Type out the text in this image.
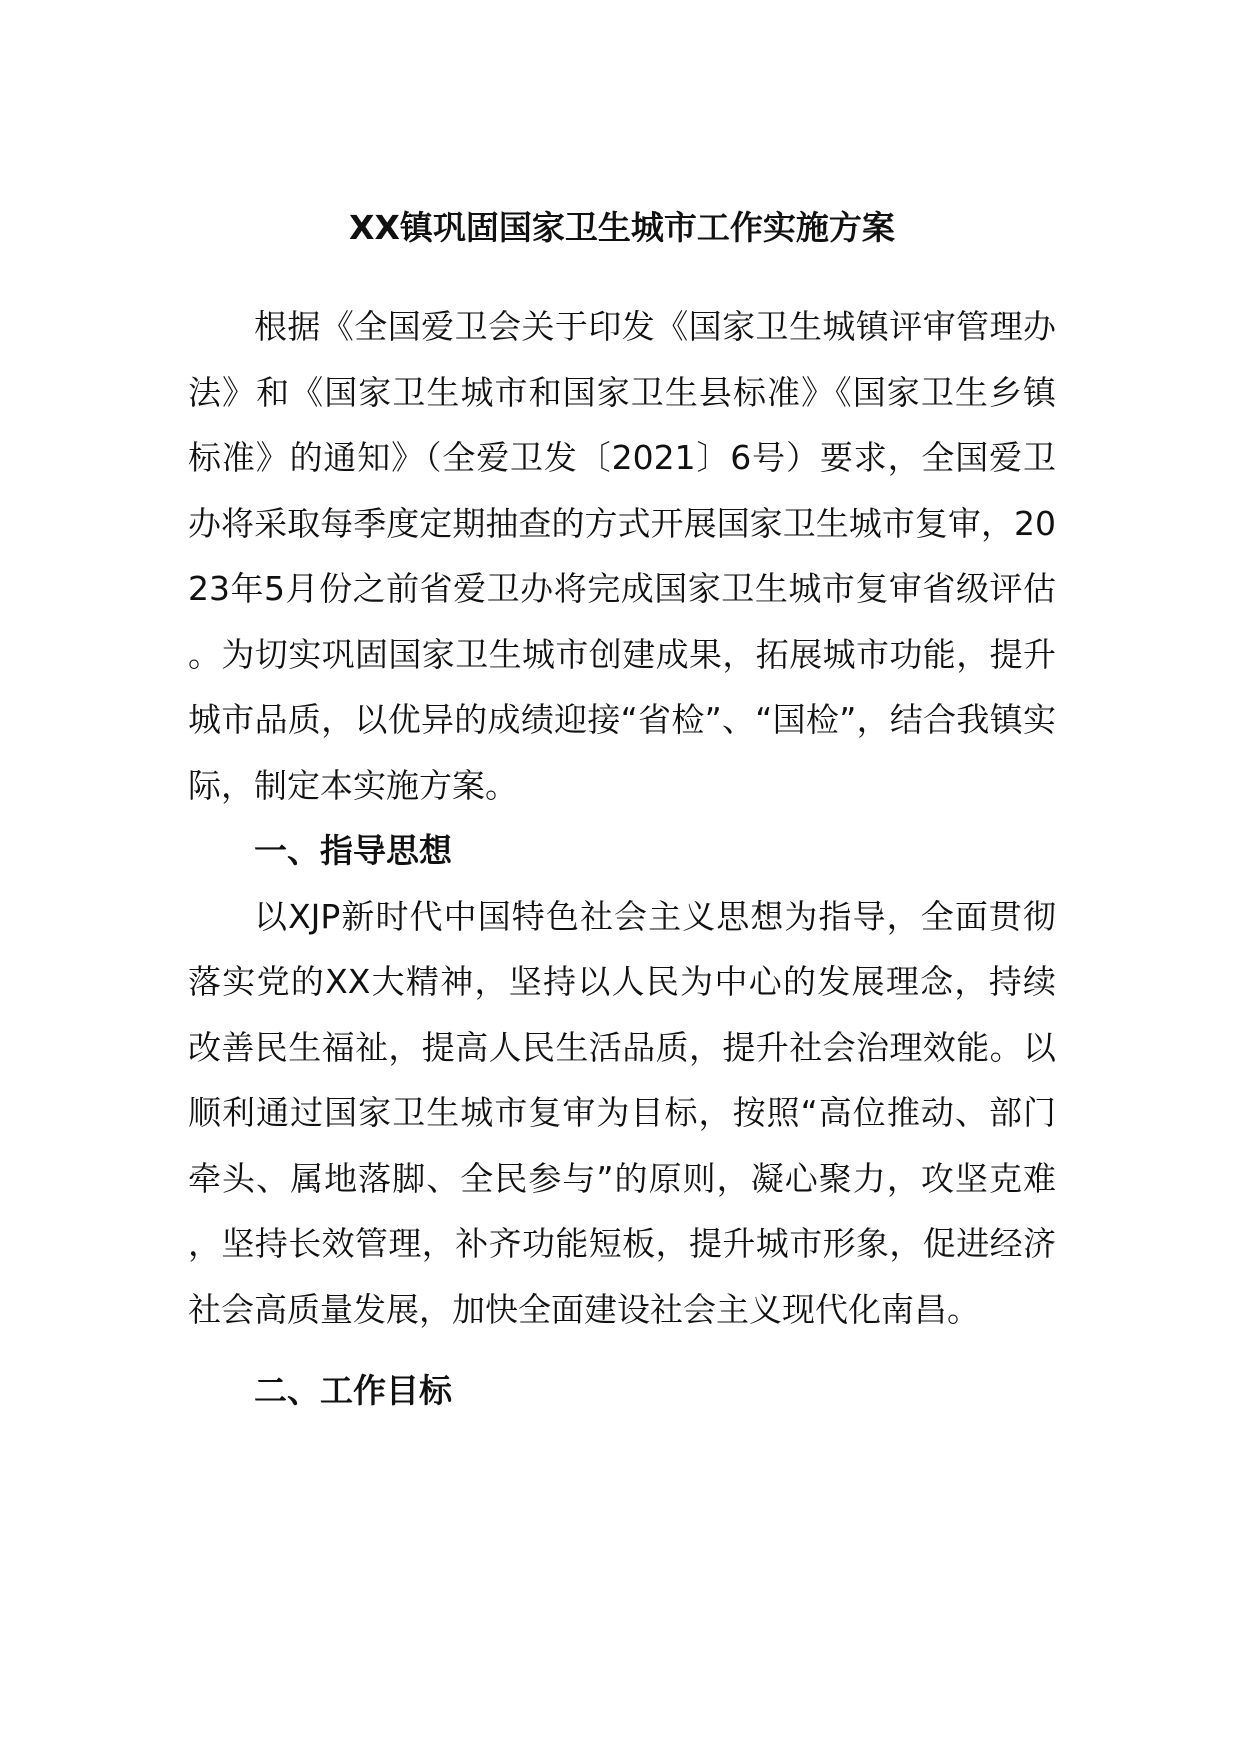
XX镇巩固国家卫生城市工作实施方案

根据《全国爱卫会关于印发《国家卫生城镇评审管理办法》和《国家卫生城市和国家卫生县标准》《国家卫生乡镇标准》的通知》（全爱卫发〔2021〕6号）要求，全国爱卫办将采取每季度定期抽查的方式开展国家卫生城市复审，2023年5月份之前省爱卫办将完成国家卫生城市复审省级评估。为切实巩固国家卫生城市创建成果，拓展城市功能，提升城市品质，以优异的成绩迎接“省检”、“国检”，结合我镇实际，制定本实施方案。

一、指导思想

以XJP新时代中国特色社会主义思想为指导，全面贯彻落实党的XX大精神，坚持以人民为中心的发展理念，持续改善民生福祉，提高人民生活品质，提升社会治理效能。以顺利通过国家卫生城市复审为目标，按照“高位推动、部门牵头、属地落脚、全民参与”的原则，凝心聚力，攻坚克难，坚持长效管理，补齐功能短板，提升城市形象，促进经济社会高质量发展，加快全面建设社会主义现代化南昌。

二、工作目标
